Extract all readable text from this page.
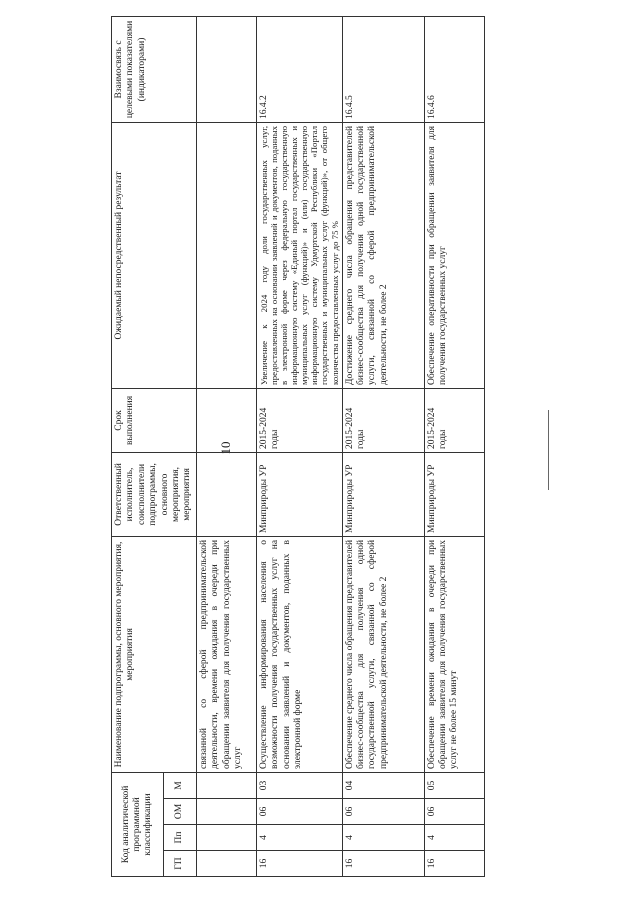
10
Код аналитической программной классификации				Наименование подпрограммы, основного мероприятия, мероприятия	Ответственный исполнитель, соисполнители подпрограммы, основного мероприятия, мероприятия	Срок выполнения	Ожидаемый непосредственный результат	Взаимосвязь с целевыми показателями (индикаторами)
ГП	Пп	ОМ	М					
				связанной со сферой предпринимательской деятельности, времени ожидания в очереди при обращении заявителя для получения государственных услуг				
16	4	06	03	Осуществление информирования населения о возможности получения государственных услуг на основании заявлений и документов, поданных в электронной форме	Минприроды УР	2015-2024 годы	Увеличение к 2024 году доли государственных услуг, предоставленных на основании заявлений и документов, поданных в электронной форме через федеральную государственную информационную систему «Единый портал государственных и муниципальных услуг (функций)» и (или) государственную информационную систему Удмуртской Республики «Портал государственных и муниципальных услуг (функций)», от общего количества предоставленных услуг до 75 %	16.4.2
16	4	06	04	Обеспечение среднего числа обращения представителей бизнес-сообщества для получения одной государственной услуги, связанной со сферой предпринимательской деятельности, не более 2	Минприроды УР	2015-2024 годы	Достижение среднего числа обращения представителей бизнес-сообщества для получения одной государственной услуги, связанной со сферой предпринимательской деятельности, не более 2	16.4.5
16	4	06	05	Обеспечение времени ожидания в очереди при обращении заявителя для получения государственных услуг не более 15 минут	Минприроды УР	2015-2024 годы	Обеспечение оперативности при обращении заявителя для получения государственных услуг	16.4.6
